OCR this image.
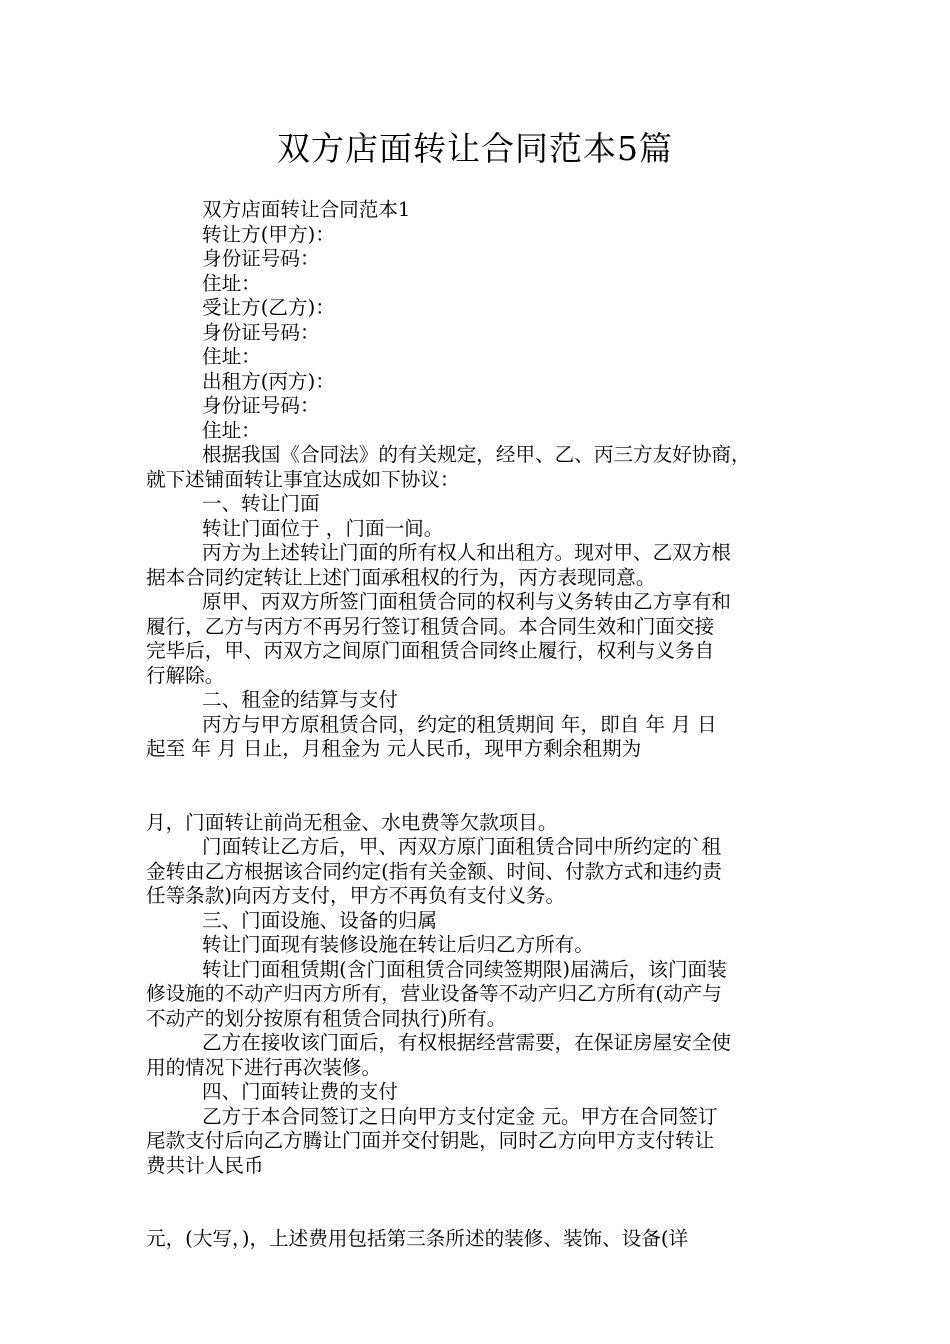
双方店面转让合同范本5篇
双方店面转让合同范本1
转让方(甲方)：
身份证号码：
住址：
受让方(乙方)：
身份证号码：
住址：
出租方(丙方)：
身份证号码：
住址：
根据我国《合同法》的有关规定，经甲、乙、丙三方友好协商，
就下述铺面转让事宜达成如下协议：
一、转让门面
转让门面位于 ，门面一间。
丙方为上述转让门面的所有权人和出租方。现对甲、乙双方根
据本合同约定转让上述门面承租权的行为，丙方表现同意。
原甲、丙双方所签门面租赁合同的权利与义务转由乙方享有和
履行，乙方与丙方不再另行签订租赁合同。本合同生效和门面交接
完毕后，甲、丙双方之间原门面租赁合同终止履行，权利与义务自
行解除。
二、租金的结算与支付
丙方与甲方原租赁合同，约定的租赁期间 年，即自 年 月 日
起至 年 月 日止，月租金为 元人民币，现甲方剩余租期为
月，门面转让前尚无租金、水电费等欠款项目。
门面转让乙方后，甲、丙双方原门面租赁合同中所约定的`租
金转由乙方根据该合同约定(指有关金额、时间、付款方式和违约责
任等条款)向丙方支付，甲方不再负有支付义务。
三、门面设施、设备的归属
转让门面现有装修设施在转让后归乙方所有。
转让门面租赁期(含门面租赁合同续签期限)届满后，该门面装
修设施的不动产归丙方所有，营业设备等不动产归乙方所有(动产与
不动产的划分按原有租赁合同执行)所有。
乙方在接收该门面后，有权根据经营需要，在保证房屋安全使
用的情况下进行再次装修。
四、门面转让费的支付
乙方于本合同签订之日向甲方支付定金 元。甲方在合同签订
尾款支付后向乙方腾让门面并交付钥匙，同时乙方向甲方支付转让
费共计人民币
元，(大写，)，上述费用包括第三条所述的装修、装饰、设备(详
